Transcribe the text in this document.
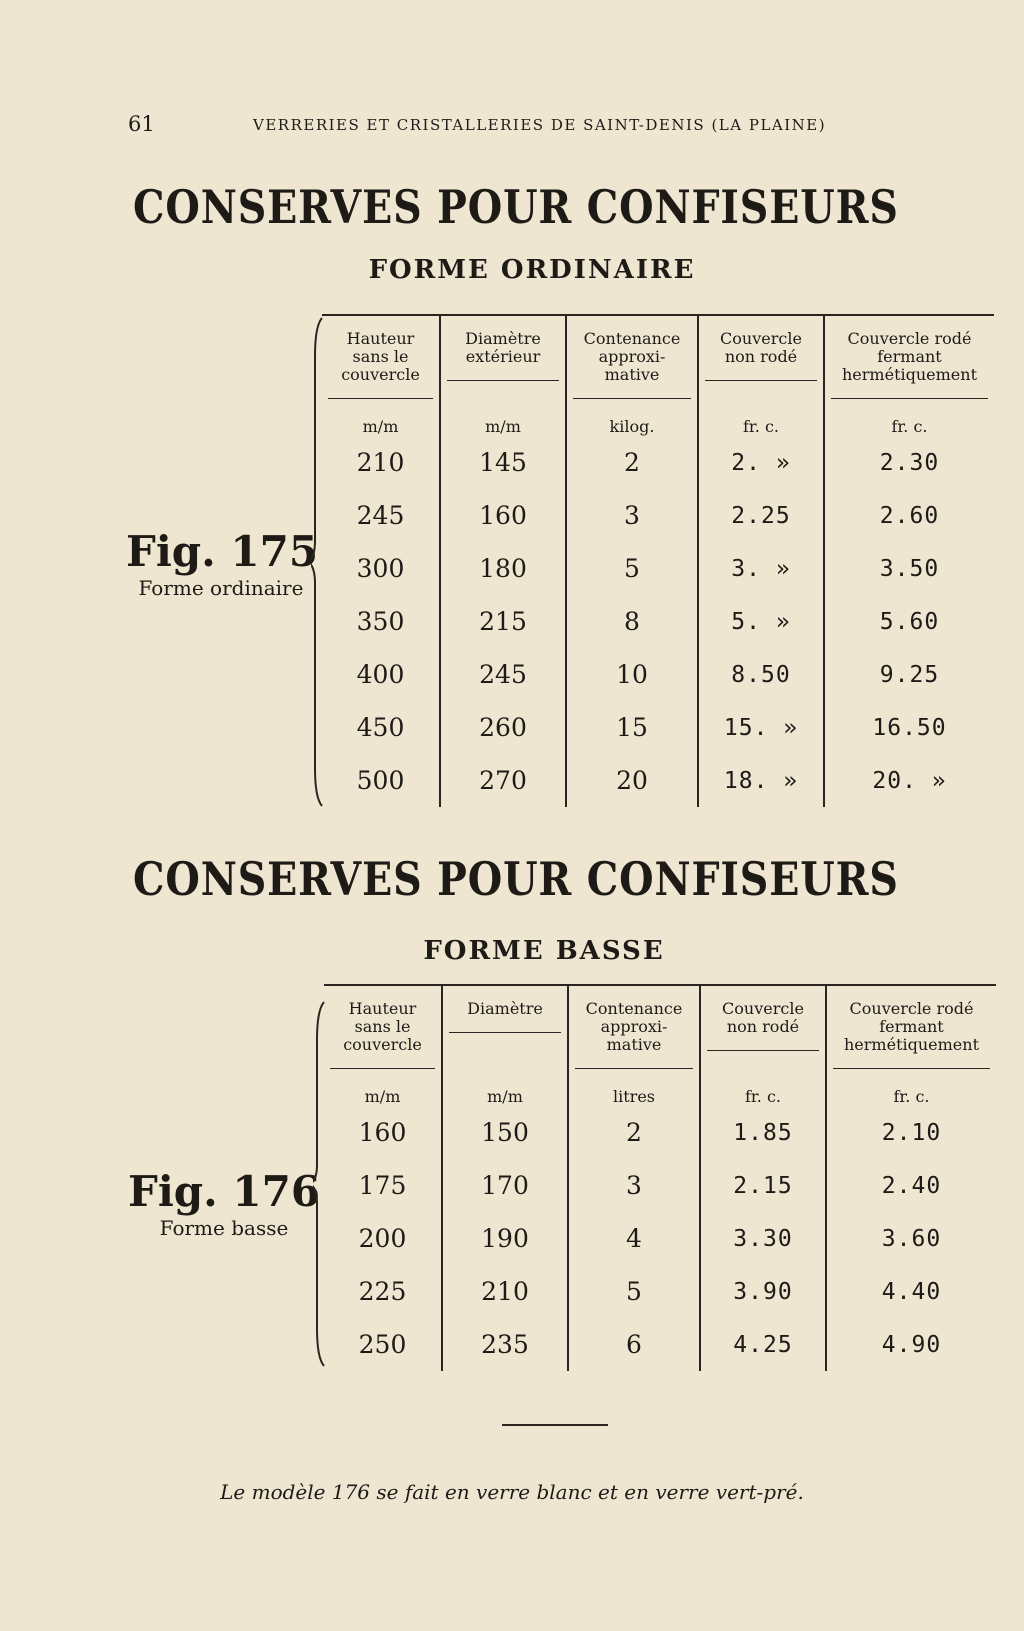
61	VERRERIES ET CRISTALLERIES DE SAINT-DENIS (LA PLAINE)
CONSERVES POUR CONFISEURS
FORME ORDINAIRE
Fig. 175
Forme ordinaire
Hauteur sans le couvercle	Diamètre extérieur	Contenance approxi-mative	Couvercle non rodé	Couvercle rodé fermant hermétiquement

m/m	m/m	kilog.	fr. c.	fr. c.
210	145	2	2. »	2.30
245	160	3	2.25	2.60
300	180	5	3. »	3.50
350	215	8	5. »	5.60
400	245	10	8.50	9.25
450	260	15	15. »	16.50
500	270	20	18. »	20. »
CONSERVES POUR CONFISEURS
FORME BASSE
Fig. 176
Forme basse
Hauteur sans le couvercle	Diamètre	Contenance approxi-mative	Couvercle non rodé	Couvercle rodé fermant hermétiquement

m/m	m/m	litres	fr. c.	fr. c.
160	150	2	1.85	2.10
175	170	3	2.15	2.40
200	190	4	3.30	3.60
225	210	5	3.90	4.40
250	235	6	4.25	4.90
Le modèle 176 se fait en verre blanc et en verre vert-pré.
